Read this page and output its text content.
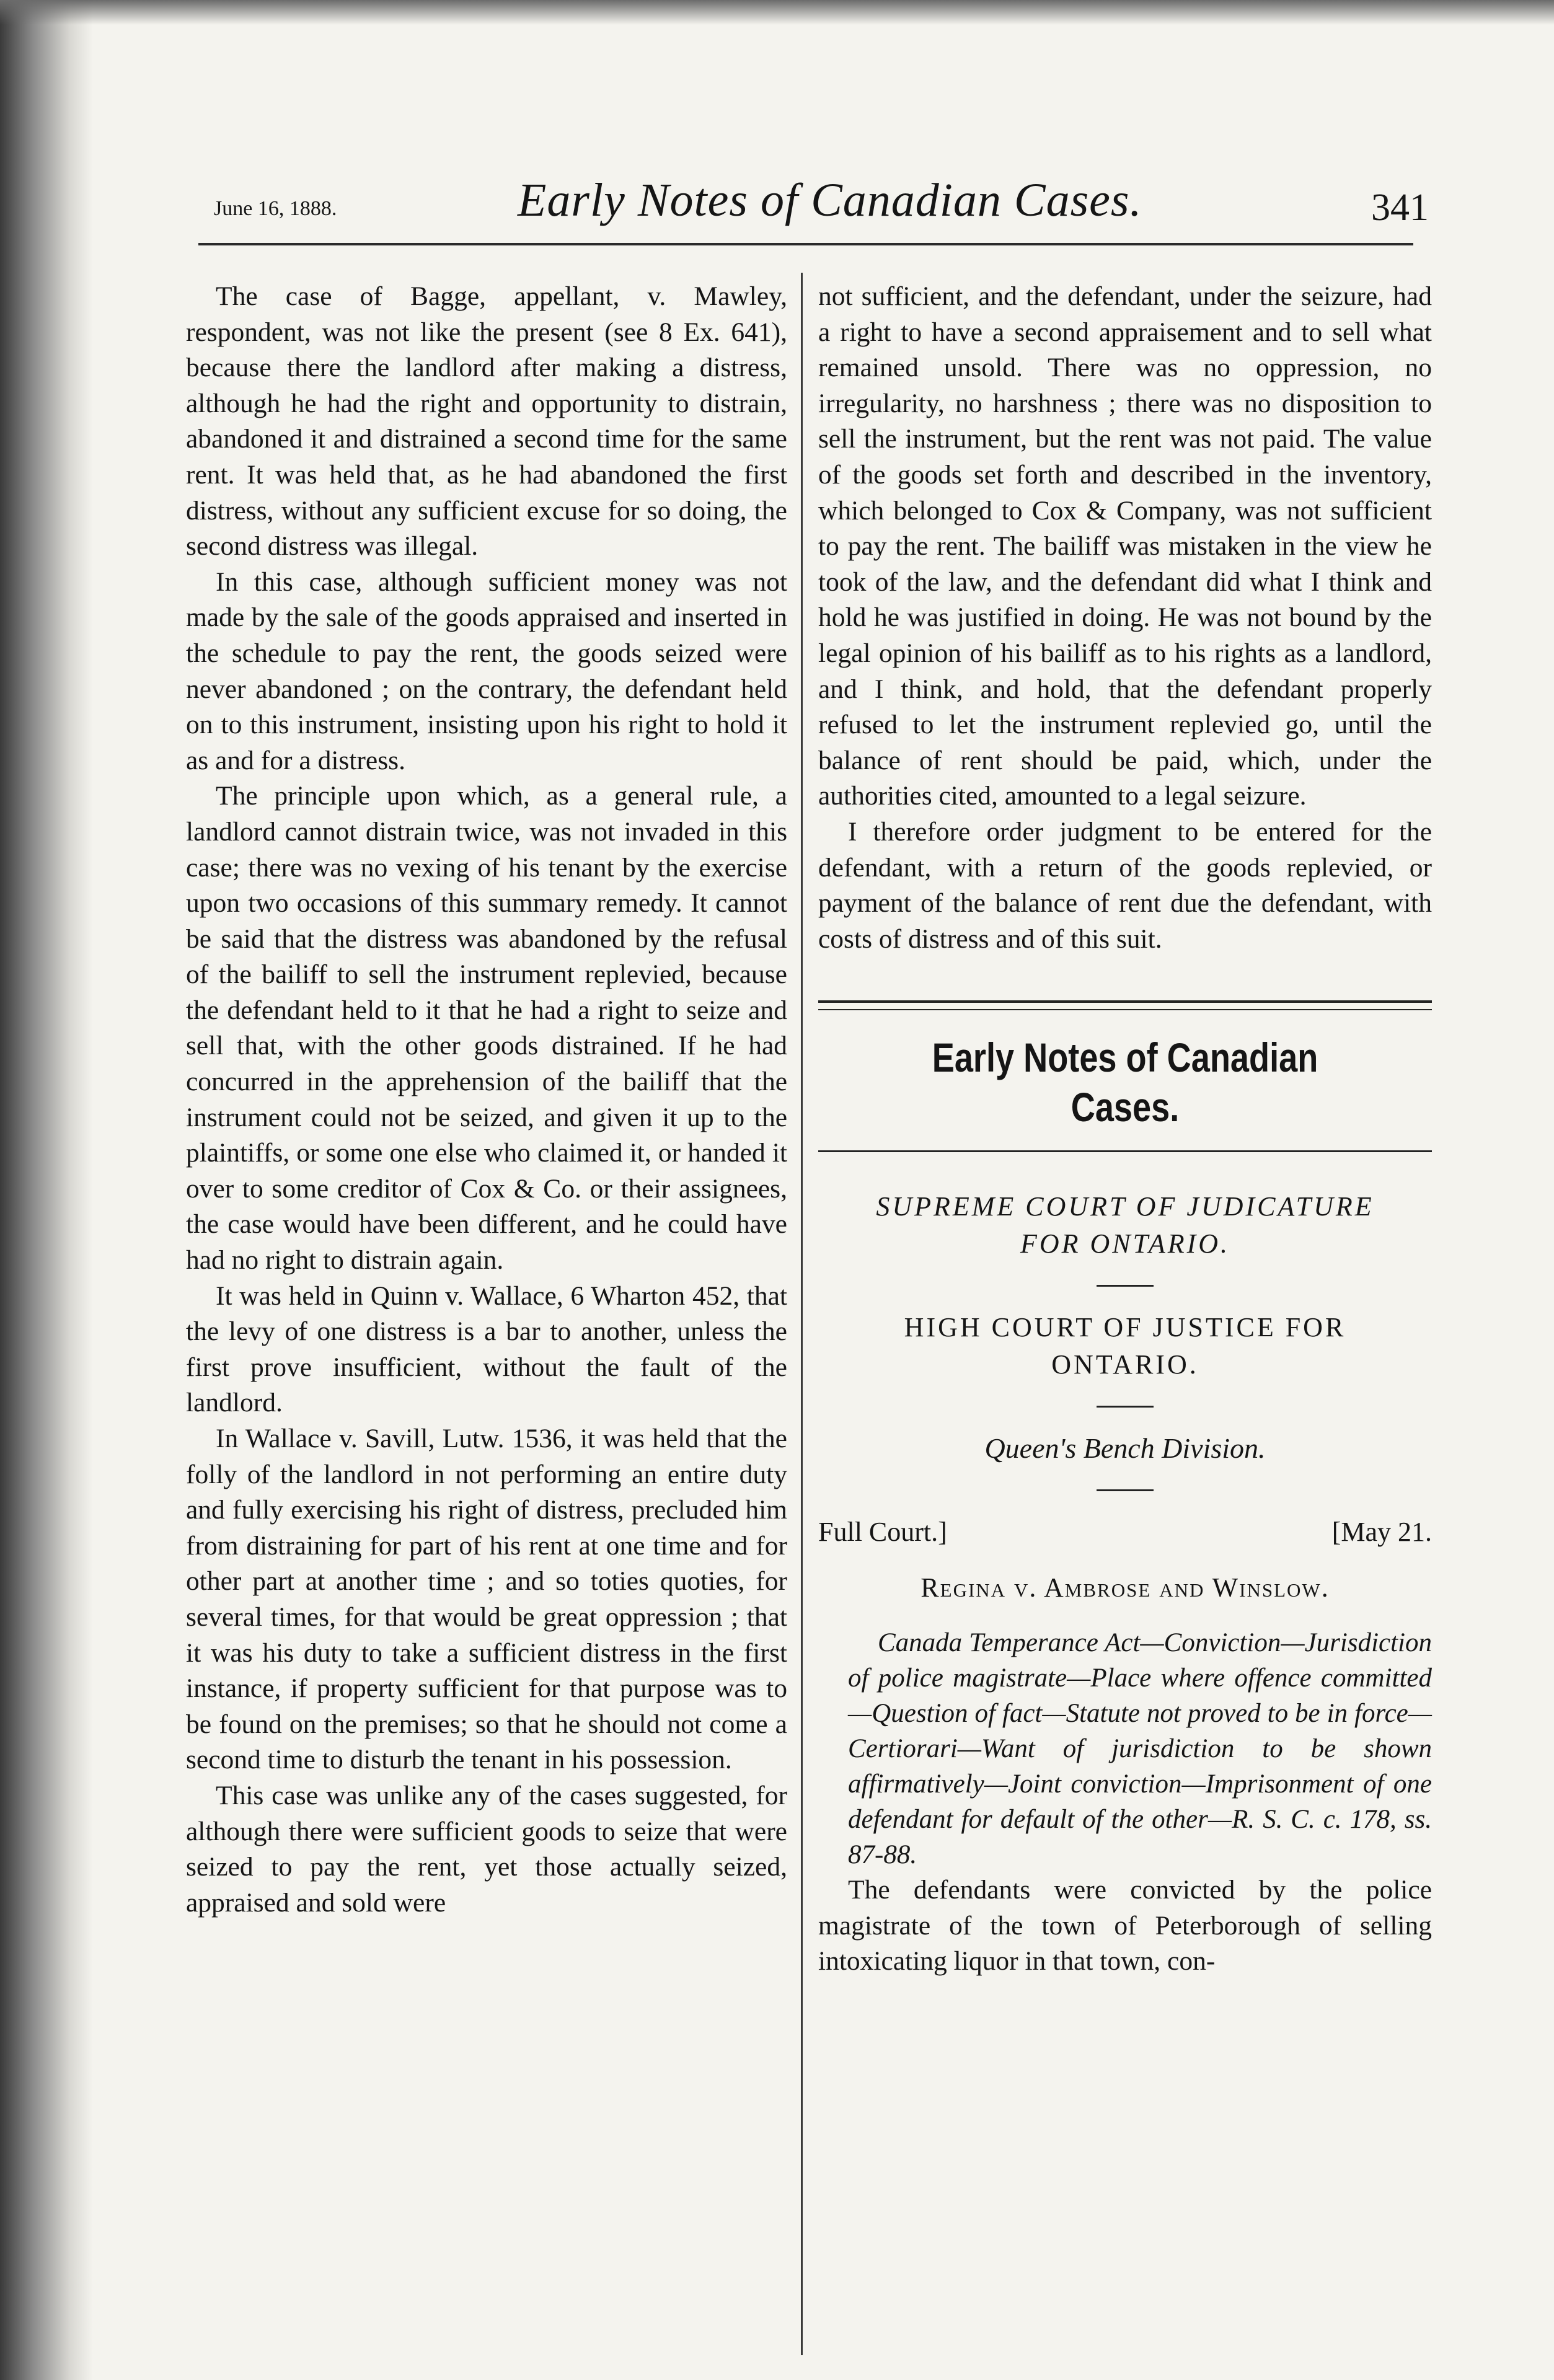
June 16, 1888.	Early Notes of Canadian Cases.	341

The case of Bagge, appellant, v. Mawley, respondent, was not like the present (see 8 Ex. 641), because there the landlord after making a distress, although he had the right and opportunity to distrain, abandoned it and distrained a second time for the same rent. It was held that, as he had abandoned the first distress, without any sufficient excuse for so doing, the second distress was illegal.

In this case, although sufficient money was not made by the sale of the goods appraised and inserted in the schedule to pay the rent, the goods seized were never abandoned ; on the contrary, the defendant held on to this instrument, insisting upon his right to hold it as and for a distress.

The principle upon which, as a general rule, a landlord cannot distrain twice, was not invaded in this case; there was no vexing of his tenant by the exercise upon two occasions of this summary remedy. It cannot be said that the distress was abandoned by the refusal of the bailiff to sell the instrument replevied, because the defendant held to it that he had a right to seize and sell that, with the other goods distrained. If he had concurred in the apprehension of the bailiff that the instrument could not be seized, and given it up to the plaintiffs, or some one else who claimed it, or handed it over to some creditor of Cox & Co. or their assignees, the case would have been different, and he could have had no right to distrain again.

It was held in Quinn v. Wallace, 6 Wharton 452, that the levy of one distress is a bar to another, unless the first prove insufficient, without the fault of the landlord.

In Wallace v. Savill, Lutw. 1536, it was held that the folly of the landlord in not performing an entire duty and fully exercising his right of distress, precluded him from distraining for part of his rent at one time and for other part at another time ; and so toties quoties, for several times, for that would be great oppression ; that it was his duty to take a sufficient distress in the first instance, if property sufficient for that purpose was to be found on the premises; so that he should not come a second time to disturb the tenant in his possession.

This case was unlike any of the cases suggested, for although there were sufficient goods to seize that were seized to pay the rent, yet those actually seized, appraised and sold were

not sufficient, and the defendant, under the seizure, had a right to have a second appraisement and to sell what remained unsold. There was no oppression, no irregularity, no harshness ; there was no disposition to sell the instrument, but the rent was not paid. The value of the goods set forth and described in the inventory, which belonged to Cox & Company, was not sufficient to pay the rent. The bailiff was mistaken in the view he took of the law, and the defendant did what I think and hold he was justified in doing. He was not bound by the legal opinion of his bailiff as to his rights as a landlord, and I think, and hold, that the defendant properly refused to let the instrument replevied go, until the balance of rent should be paid, which, under the authorities cited, amounted to a legal seizure.

I therefore order judgment to be entered for the defendant, with a return of the goods replevied, or payment of the balance of rent due the defendant, with costs of distress and of this suit.

Early Notes of Canadian Cases.
SUPREME COURT OF JUDICATURE
FOR ONTARIO.
HIGH COURT OF JUSTICE FOR
ONTARIO.
Queen's Bench Division.
Full Court.]	[May 21.
Regina v. Ambrose and Winslow.

Canada Temperance Act—Conviction—Jurisdiction of police magistrate—Place where offence committed—Question of fact—Statute not proved to be in force—Certiorari—Want of jurisdiction to be shown affirmatively—Joint conviction—Imprisonment of one defendant for default of the other—R. S. C. c. 178, ss. 87-88.

The defendants were convicted by the police magistrate of the town of Peterborough of selling intoxicating liquor in that town, con-
